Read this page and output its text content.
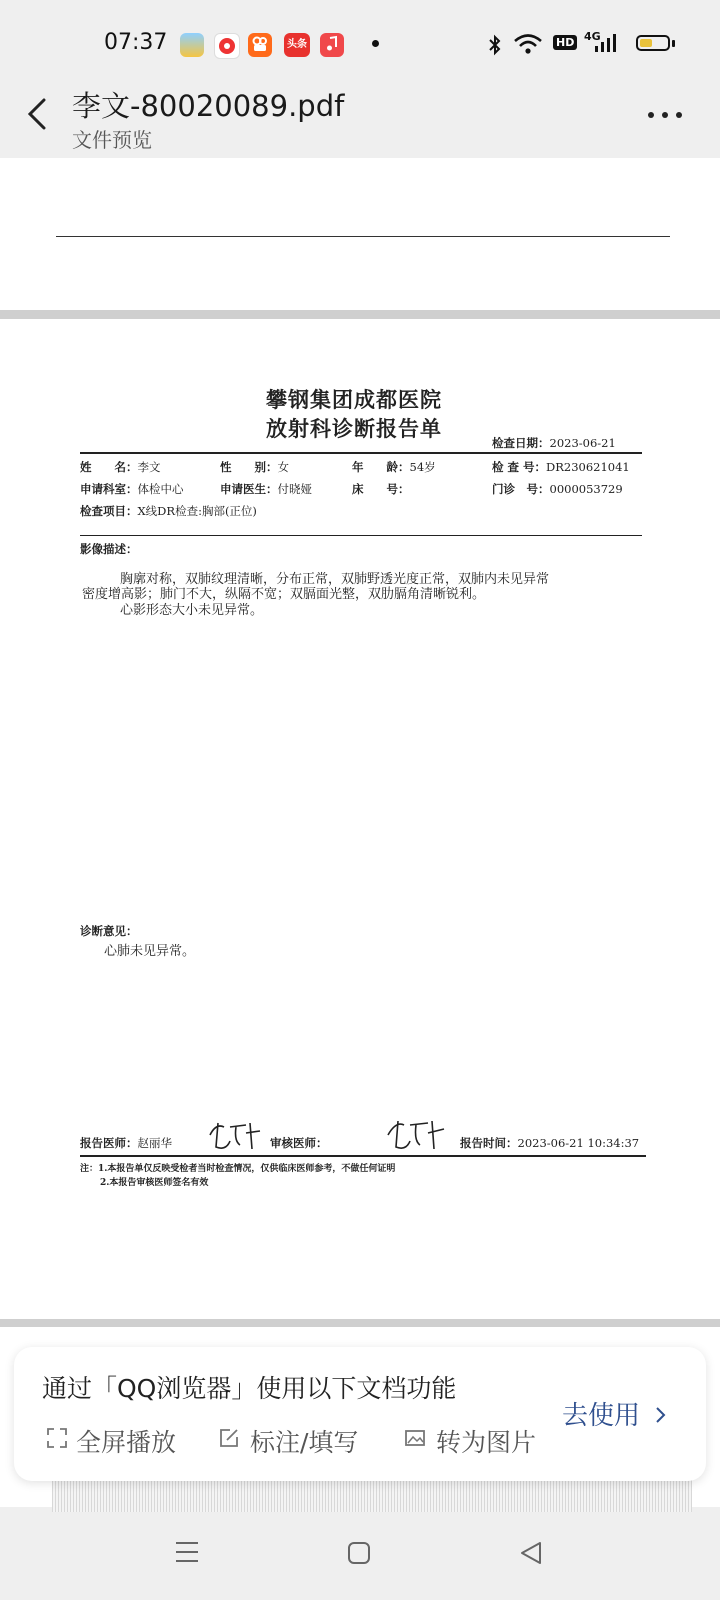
07:37	头条	HD 4G
李文-80020089.pdf
文件预览
攀钢集团成都医院
放射科诊断报告单
检查日期：2023-06-21
姓　　名：李文	性　　别：女	年　　龄：54岁	检 查 号：DR230621041
申请科室：体检中心	申请医生：付晓娅	床　　号：	门诊　号：0000053729
检查项目：X线DR检查:胸部(正位)
影像描述：
胸廓对称，双肺纹理清晰，分布正常，双肺野透光度正常，双肺内未见异常
密度增高影；肺门不大，纵隔不宽；双膈面光整，双肋膈角清晰锐利。
心影形态大小未见异常。
诊断意见：
心肺未见异常。
报告医师：赵丽华	审核医师：	报告时间：2023-06-21 10:34:37
注：1.本报告单仅反映受检者当时检查情况，仅供临床医师参考，不做任何证明
2.本报告审核医师签名有效
通过「QQ浏览器」使用以下文档功能
全屏播放	标注/填写	转为图片
去使用
